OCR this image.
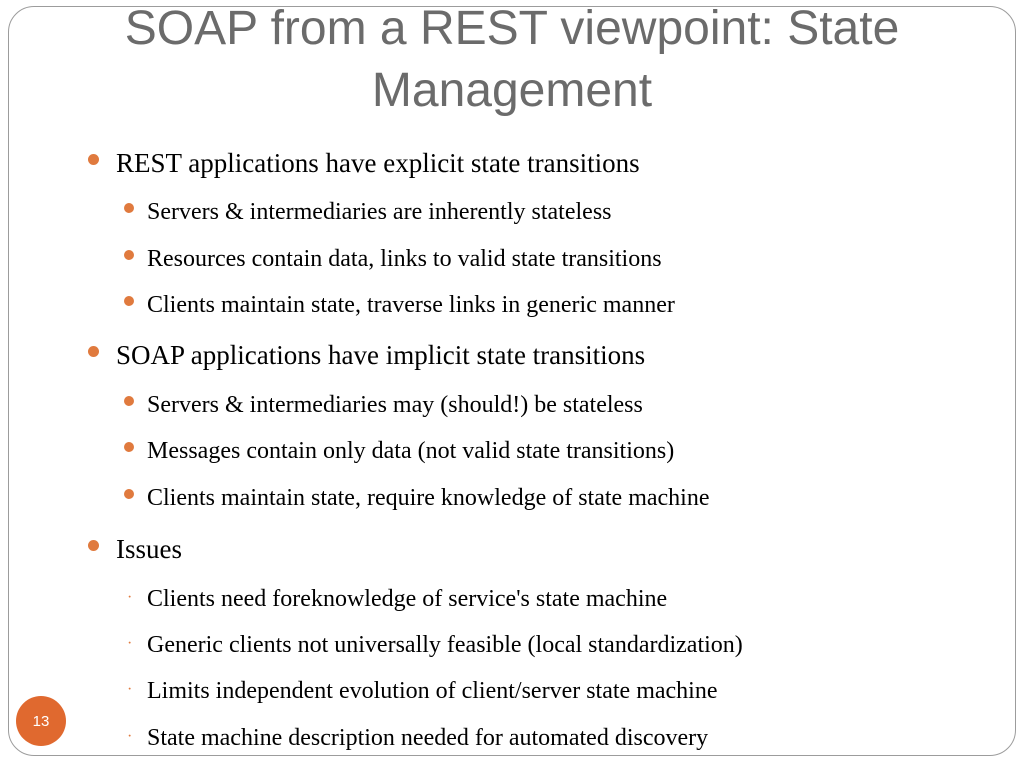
SOAP from a REST viewpoint: State Management
REST applications have explicit state transitions
Servers & intermediaries are inherently stateless
Resources contain data, links to valid state transitions
Clients maintain state, traverse links in generic manner
SOAP applications have implicit state transitions
Servers & intermediaries may (should!) be stateless
Messages contain only data (not valid state transitions)
Clients maintain state, require knowledge of state machine
Issues
· Clients need foreknowledge of service's state machine
· Generic clients not universally feasible (local standardization)
· Limits independent evolution of client/server state machine
· State machine description needed for automated discovery
13
